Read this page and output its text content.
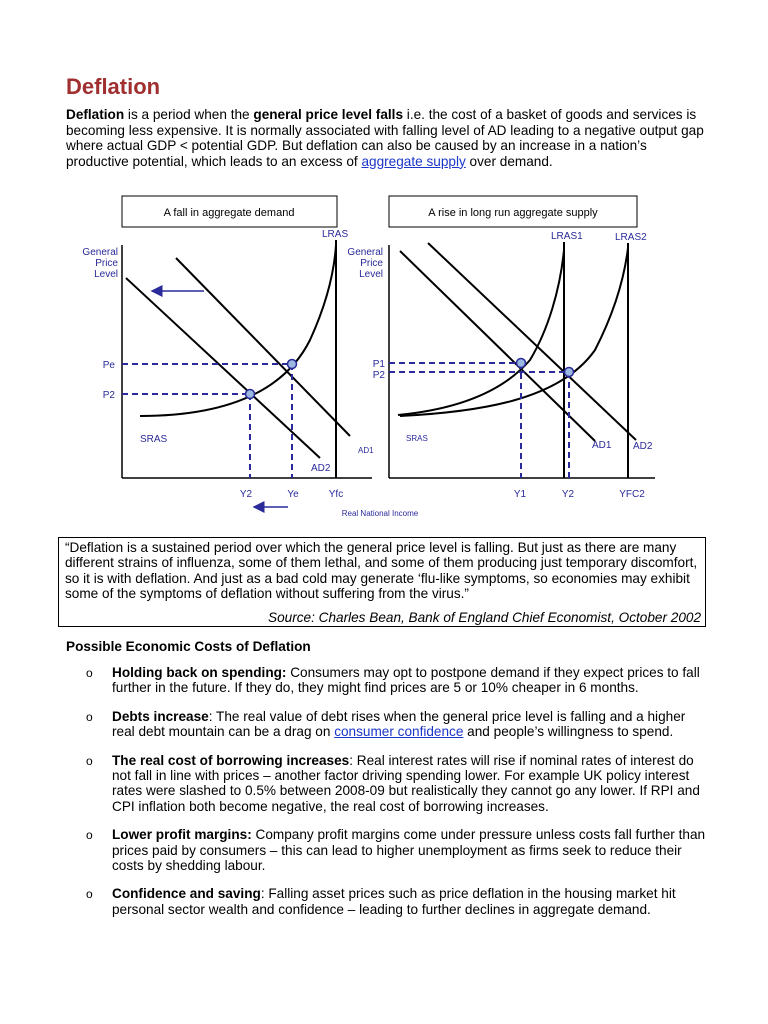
Deflation
Deflation is a period when the general price level falls i.e. the cost of a basket of goods and services is becoming less expensive. It is normally associated with falling level of AD leading to a negative output gap where actual GDP < potential GDP. But deflation can also be caused by an increase in a nation’s productive potential, which leads to an excess of aggregate supply over demand.
A fall in aggregate demand
General
Price
Level
LRAS
SRAS
AD1
AD2
Pe
P2
Y2	Ye	Yfc
A rise in long run aggregate supply
General
Price
Level
LRAS1	LRAS2
SRAS
AD1 AD2
P1
P2
Y1	Y2	YFC2
Real National Income
“Deflation is a sustained period over which the general price level is falling. But just as there are many different strains of influenza, some of them lethal, and some of them producing just temporary discomfort, so it is with deflation. And just as a bad cold may generate ‘flu-like symptoms, so economies may exhibit some of the symptoms of deflation without suffering from the virus.”
Source: Charles Bean, Bank of England Chief Economist, October 2002
Possible Economic Costs of Deflation
o Holding back on spending: Consumers may opt to postpone demand if they expect prices to fall further in the future. If they do, they might find prices are 5 or 10% cheaper in 6 months.
o Debts increase: The real value of debt rises when the general price level is falling and a higher real debt mountain can be a drag on consumer confidence and people’s willingness to spend.
o The real cost of borrowing increases: Real interest rates will rise if nominal rates of interest do not fall in line with prices – another factor driving spending lower. For example UK policy interest rates were slashed to 0.5% between 2008-09 but realistically they cannot go any lower. If RPI and CPI inflation both become negative, the real cost of borrowing increases.
o Lower profit margins: Company profit margins come under pressure unless costs fall further than prices paid by consumers – this can lead to higher unemployment as firms seek to reduce their costs by shedding labour.
o Confidence and saving: Falling asset prices such as price deflation in the housing market hit personal sector wealth and confidence – leading to further declines in aggregate demand.
